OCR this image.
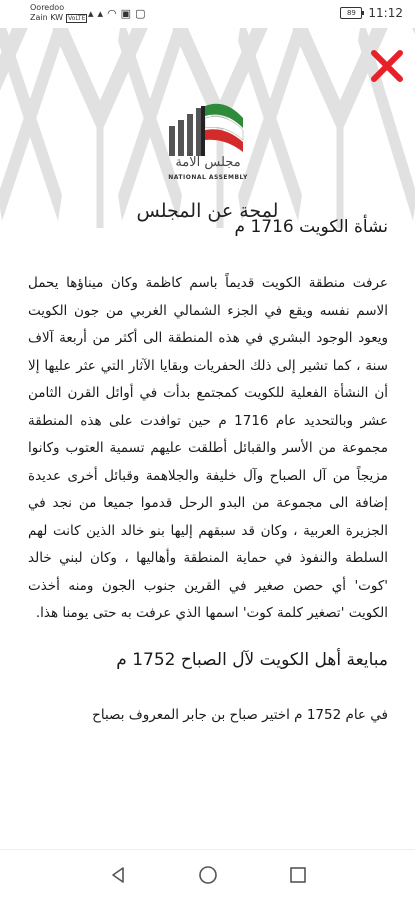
Ooredoo
Zain KW VoLTE ▴ ▴ ◠ ▣ ▢	89	11:12
مجلس الأمة
NATIONAL ASSEMBLY
لمحة عن المجلس
نشأة الكويت 1716 م

عرفت منطقة الكويت قديماً باسم كاظمة وكان ميناؤها يحمل الاسم نفسه ويقع في الجزء الشمالي الغربي من جون الكويت ويعود الوجود البشري في هذه المنطقة الى أكثر من أربعة آلاف سنة ، كما تشير إلى ذلك الحفريات وبقايا الآثار التي عثر عليها إلا أن النشأة الفعلية للكويت كمجتمع بدأت في أوائل القرن الثامن عشر وبالتحديد عام 1716 م حين توافدت على هذه المنطقة مجموعة من الأسر والقبائل أطلقت عليهم تسمية العتوب وكانوا مزيجاً من آل الصباح وآل خليفة والجلاهمة وقبائل أخرى عديدة إضافة الى مجموعة من البدو الرحل قدموا جميعا من نجد في الجزيرة العربية ، وكان قد سبقهم إليها بنو خالد الذين كانت لهم السلطة والنفوذ في حماية المنطقة وأهاليها ، وكان لبني خالد 'كوت' أي حصن صغير في القرين جنوب الجون ومنه أخذت الكويت 'تصغير كلمة كوت' اسمها الذي عرفت به حتى يومنا هذا.

مبايعة أهل الكويت لآل الصباح 1752 م

في عام 1752 م اختير صباح بن جابر المعروف بصباح
